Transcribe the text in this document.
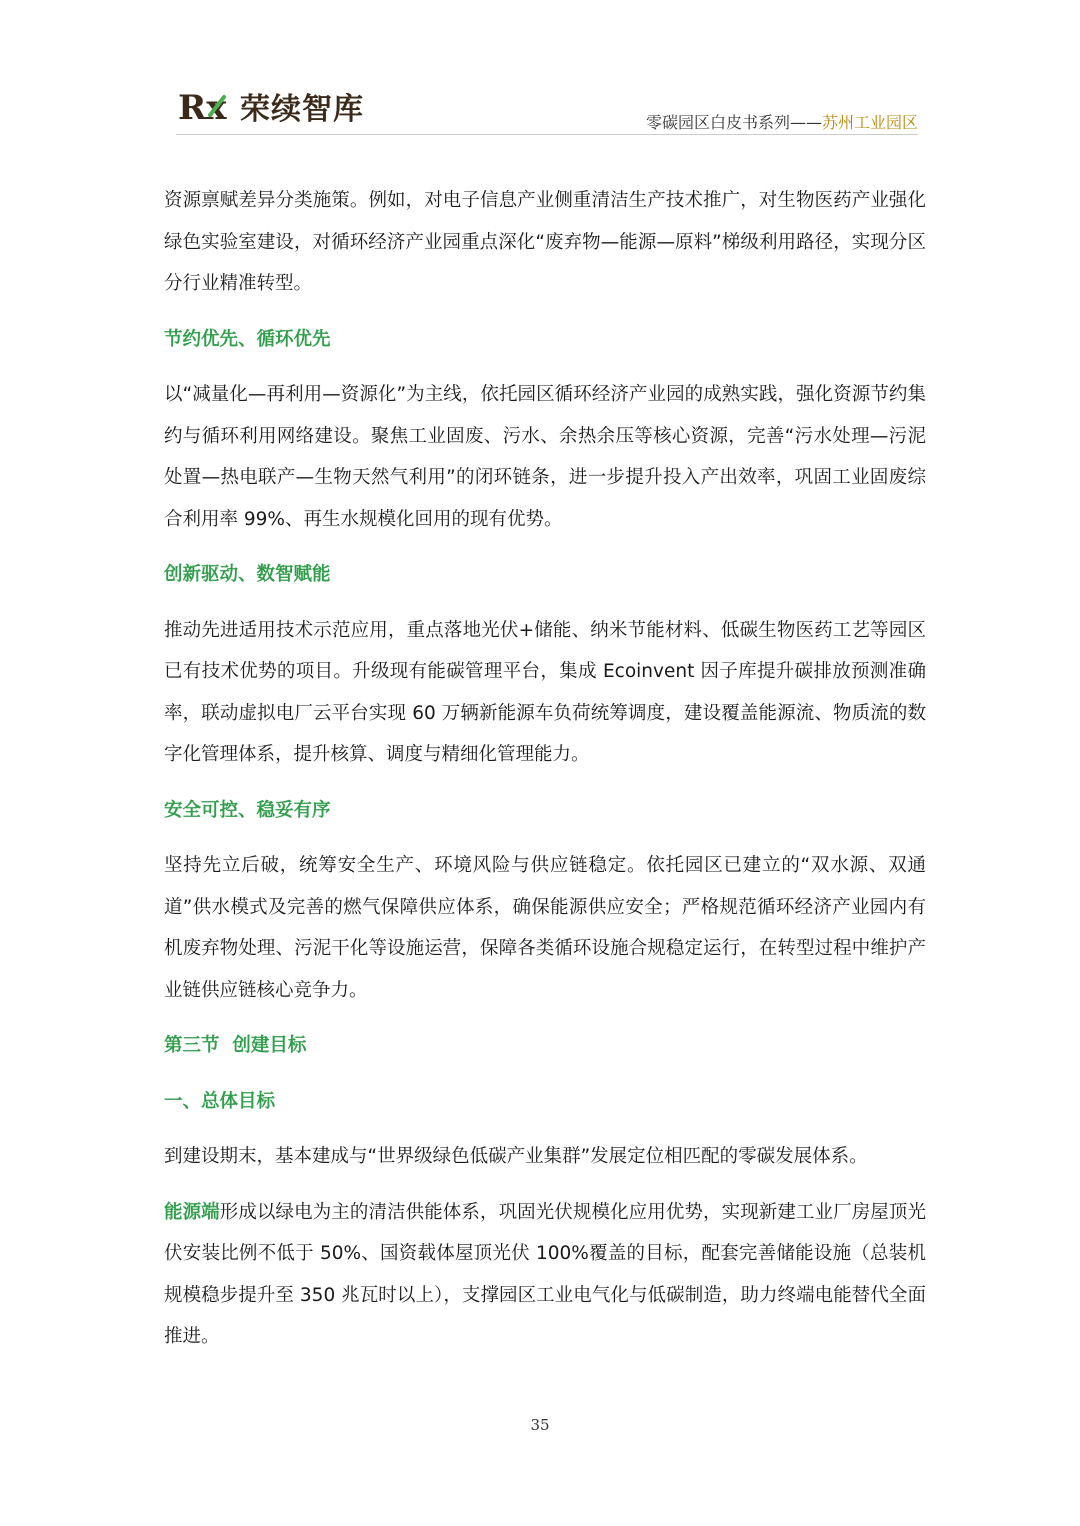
Rx 荣续智库	零碳园区白皮书系列——苏州工业园区

资源禀赋差异分类施策。例如，对电子信息产业侧重清洁生产技术推广，对生物医药产业强化绿色实验室建设，对循环经济产业园重点深化“废弃物—能源—原料”梯级利用路径，实现分区分行业精准转型。

节约优先、循环优先

以“减量化—再利用—资源化”为主线，依托园区循环经济产业园的成熟实践，强化资源节约集约与循环利用网络建设。聚焦工业固废、污水、余热余压等核心资源，完善“污水处理—污泥处置—热电联产—生物天然气利用”的闭环链条，进一步提升投入产出效率，巩固工业固废综合利用率 99%、再生水规模化回用的现有优势。

创新驱动、数智赋能

推动先进适用技术示范应用，重点落地光伏+储能、纳米节能材料、低碳生物医药工艺等园区已有技术优势的项目。升级现有能碳管理平台，集成 Ecoinvent 因子库提升碳排放预测准确率，联动虚拟电厂云平台实现 60 万辆新能源车负荷统筹调度，建设覆盖能源流、物质流的数字化管理体系，提升核算、调度与精细化管理能力。

安全可控、稳妥有序

坚持先立后破，统筹安全生产、环境风险与供应链稳定。依托园区已建立的“双水源、双通道”供水模式及完善的燃气保障供应体系，确保能源供应安全；严格规范循环经济产业园内有机废弃物处理、污泥干化等设施运营，保障各类循环设施合规稳定运行，在转型过程中维护产业链供应链核心竞争力。

第三节  创建目标
一、总体目标

到建设期末，基本建成与“世界级绿色低碳产业集群”发展定位相匹配的零碳发展体系。

能源端形成以绿电为主的清洁供能体系，巩固光伏规模化应用优势，实现新建工业厂房屋顶光伏安装比例不低于 50%、国资载体屋顶光伏 100%覆盖的目标，配套完善储能设施（总装机规模稳步提升至 350 兆瓦时以上），支撑园区工业电气化与低碳制造，助力终端电能替代全面推进。

35
